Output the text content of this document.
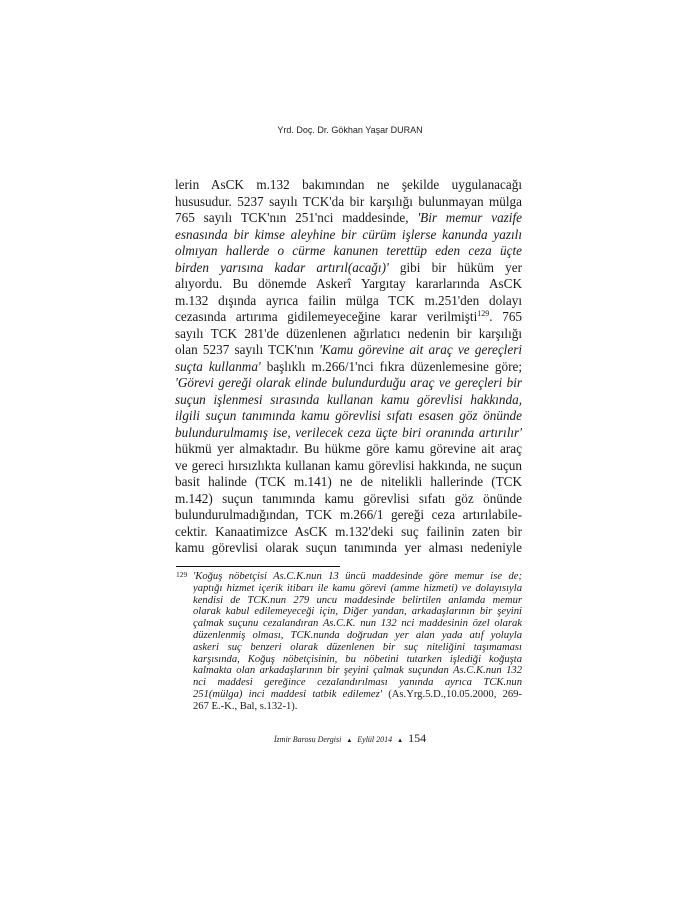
Yrd. Doç. Dr. Gökhan Yaşar DURAN
lerin AsCK m.132 bakımından ne şekilde uygulanacağı
hususudur. 5237 sayılı TCK'da bir karşılığı bulunmayan mülga
765 sayılı TCK'nın 251'nci maddesinde, 'Bir memur vazife
esnasında bir kimse aleyhine bir cürüm işlerse kanunda yazılı
olmıyan hallerde o cürme kanunen terettüp eden ceza üçte
birden yarısına kadar artırıl(acağı)' gibi bir hüküm yer
alıyordu. Bu dönemde Askerî Yargıtay kararlarında AsCK
m.132 dışında ayrıca failin mülga TCK m.251'den dolayı
cezasında artırıma gidilemeyeceğine karar verilmişti$^{129}$. 765
sayılı TCK 281'de düzenlenen ağırlatıcı nedenin bir karşılığı
olan 5237 sayılı TCK'nın 'Kamu görevine ait araç ve gereçleri
suçta kullanma' başlıklı m.266/1'nci fıkra düzenlemesine göre;
'Görevi gereği olarak elinde bulundurduğu araç ve gereçleri bir
suçun işlenmesi sırasında kullanan kamu görevlisi hakkında,
ilgili suçun tanımında kamu görevlisi sıfatı esasen göz önünde
bulundurulmamış ise, verilecek ceza üçte biri oranında artırılır'
hükmü yer almaktadır. Bu hükme göre kamu görevine ait araç
ve gereci hırsızlıkta kullanan kamu görevlisi hakkında, ne suçun
basit halinde (TCK m.141) ne de nitelikli hallerinde (TCK
m.142) suçun tanımında kamu görevlisi sıfatı göz önünde
bulundurulmadığından, TCK m.266/1 gereği ceza artırılabile-
cektir. Kanaatimizce AsCK m.132'deki suç failinin zaten bir
kamu görevlisi olarak suçun tanımında yer alması nedeniyle
129 'Koğuş nöbetçisi As.C.K.nun 13 üncü maddesinde göre memur ise de;
yaptığı hizmet içerik itibarı ile kamu görevi (amme hizmeti) ve dolayısıyla
kendisi de TCK.nun 279 uncu maddesinde belirtilen anlamda memur
olarak kabul edilemeyeceği için, Diğer yandan, arkadaşlarının bir şeyini
çalmak suçunu cezalandıran As.C.K. nun 132 nci maddesinin özel olarak
düzenlenmiş olması, TCK.nunda doğrudan yer alan yada atıf yoluyla
askeri suç benzeri olarak düzenlenen bir suç niteliğini taşımaması
karşısında, Koğuş nöbetçisinin, bu nöbetini tutarken işlediği koğuşta
kalmakta olan arkadaşlarının bir şeyini çalmak suçundan As.C.K.nun 132
nci maddesi gereğince cezalandırılması yanında ayrıca TCK.nun
251(mülga) inci maddesi tatbik edilemez' (As.Yrg.5.D.,10.05.2000, 269-
267 E.-K., Bal, s.132-1).
İzmir Barosu Dergisi ▲ Eylül 2014 ▲ 154
